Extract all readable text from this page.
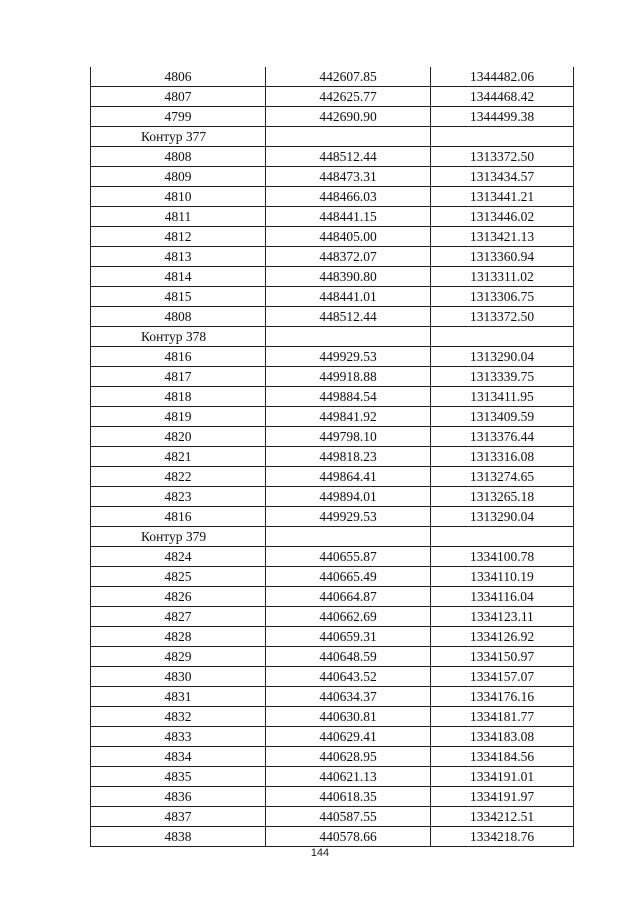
4806	442607.85	1344482.06
4807	442625.77	1344468.42
4799	442690.90	1344499.38
Контур 377		
4808	448512.44	1313372.50
4809	448473.31	1313434.57
4810	448466.03	1313441.21
4811	448441.15	1313446.02
4812	448405.00	1313421.13
4813	448372.07	1313360.94
4814	448390.80	1313311.02
4815	448441.01	1313306.75
4808	448512.44	1313372.50
Контур 378		
4816	449929.53	1313290.04
4817	449918.88	1313339.75
4818	449884.54	1313411.95
4819	449841.92	1313409.59
4820	449798.10	1313376.44
4821	449818.23	1313316.08
4822	449864.41	1313274.65
4823	449894.01	1313265.18
4816	449929.53	1313290.04
Контур 379		
4824	440655.87	1334100.78
4825	440665.49	1334110.19
4826	440664.87	1334116.04
4827	440662.69	1334123.11
4828	440659.31	1334126.92
4829	440648.59	1334150.97
4830	440643.52	1334157.07
4831	440634.37	1334176.16
4832	440630.81	1334181.77
4833	440629.41	1334183.08
4834	440628.95	1334184.56
4835	440621.13	1334191.01
4836	440618.35	1334191.97
4837	440587.55	1334212.51
4838	440578.66	1334218.76
144
